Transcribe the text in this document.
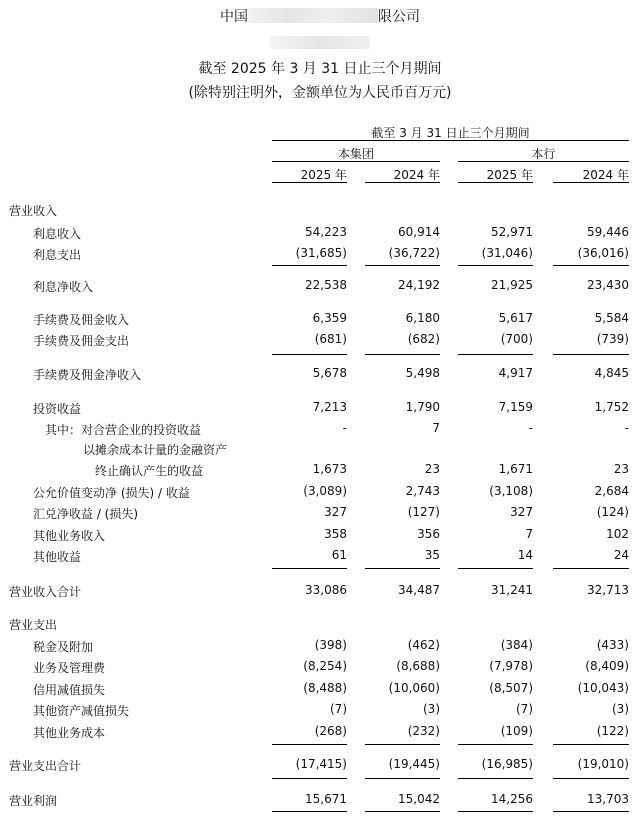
中国	限公司
截至 2025 年 3 月 31 日止三个月期间
(除特别注明外，金额单位为人民币百万元)
截至 3 月 31 日止三个月期间
本集团	本行
2025 年	2024 年	2025 年	2024 年
营业收入
利息收入	54,223	60,914	52,971	59,446
利息支出	(31,685)	(36,722)	(31,046)	(36,016)
利息净收入	22,538	24,192	21,925	23,430
手续费及佣金收入	6,359	6,180	5,617	5,584
手续费及佣金支出	(681)	(682)	(700)	(739)
手续费及佣金净收入	5,678	5,498	4,917	4,845
投资收益	7,213	1,790	7,159	1,752
其中：对合营企业的投资收益	-	7	-	-
以摊余成本计量的金融资产
终止确认产生的收益	1,673	23	1,671	23
公允价值变动净 (损失) / 收益	(3,089)	2,743	(3,108)	2,684
汇兑净收益 / (损失)	327	(127)	327	(124)
其他业务收入	358	356	7	102
其他收益	61	35	14	24
营业收入合计	33,086	34,487	31,241	32,713
营业支出
税金及附加	(398)	(462)	(384)	(433)
业务及管理费	(8,254)	(8,688)	(7,978)	(8,409)
信用减值损失	(8,488)	(10,060)	(8,507)	(10,043)
其他资产减值损失	(7)	(3)	(7)	(3)
其他业务成本	(268)	(232)	(109)	(122)
营业支出合计	(17,415)	(19,445)	(16,985)	(19,010)
营业利润	15,671	15,042	14,256	13,703
